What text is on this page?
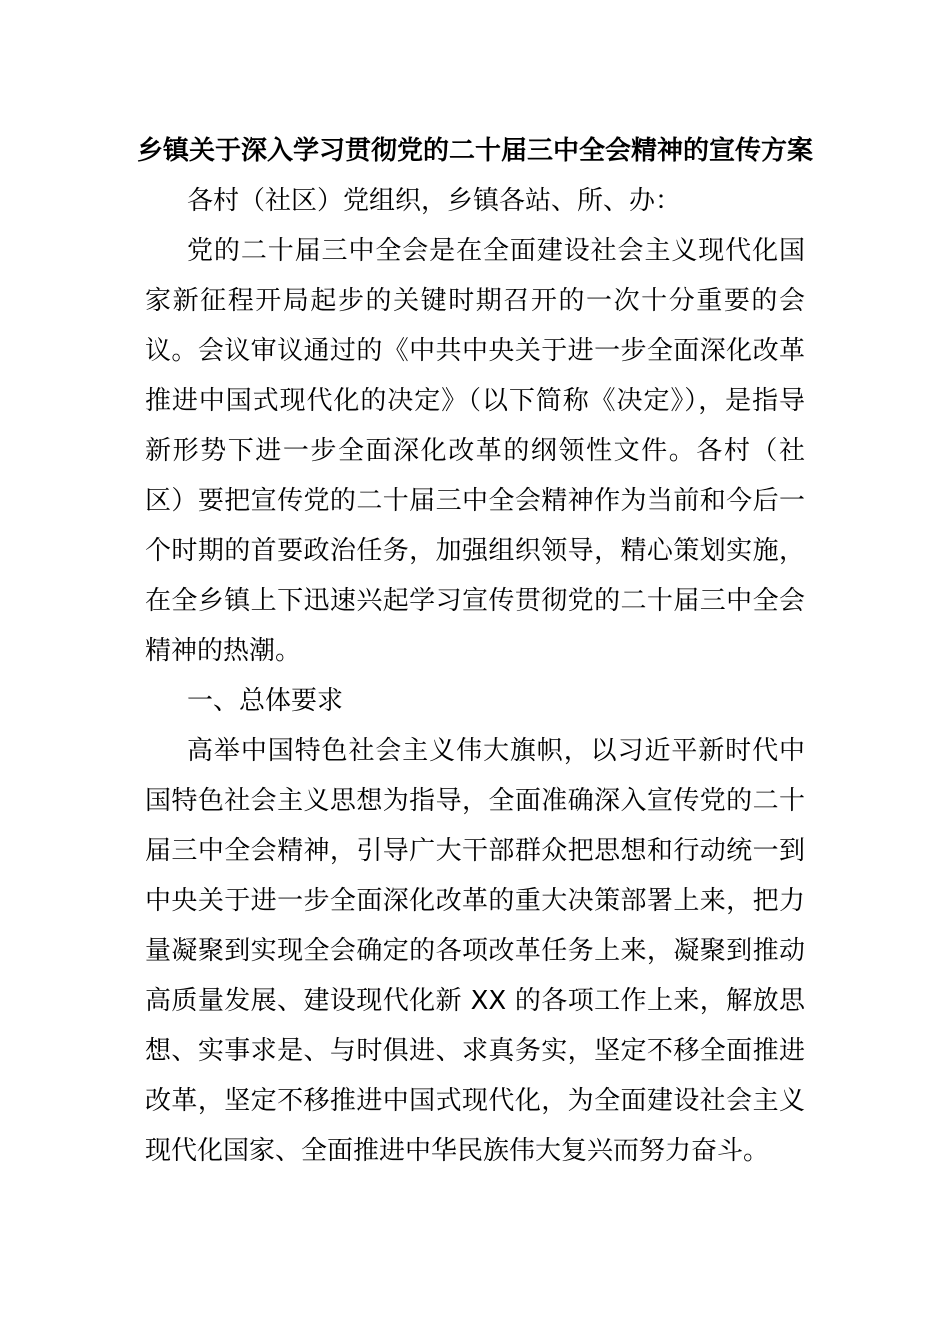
乡镇关于深入学习贯彻党的二十届三中全会精神的宣传方案

各村（社区）党组织，乡镇各站、所、办：

党的二十届三中全会是在全面建设社会主义现代化国家新征程开局起步的关键时期召开的一次十分重要的会议。会议审议通过的《中共中央关于进一步全面深化改革推进中国式现代化的决定》（以下简称《决定》），是指导新形势下进一步全面深化改革的纲领性文件。各村（社区）要把宣传党的二十届三中全会精神作为当前和今后一个时期的首要政治任务，加强组织领导，精心策划实施，在全乡镇上下迅速兴起学习宣传贯彻党的二十届三中全会精神的热潮。

一、总体要求

高举中国特色社会主义伟大旗帜，以习近平新时代中国特色社会主义思想为指导，全面准确深入宣传党的二十届三中全会精神，引导广大干部群众把思想和行动统一到中央关于进一步全面深化改革的重大决策部署上来，把力量凝聚到实现全会确定的各项改革任务上来，凝聚到推动高质量发展、建设现代化新 XX 的各项工作上来，解放思想、实事求是、与时俱进、求真务实，坚定不移全面推进改革，坚定不移推进中国式现代化，为全面建设社会主义现代化国家、全面推进中华民族伟大复兴而努力奋斗。
